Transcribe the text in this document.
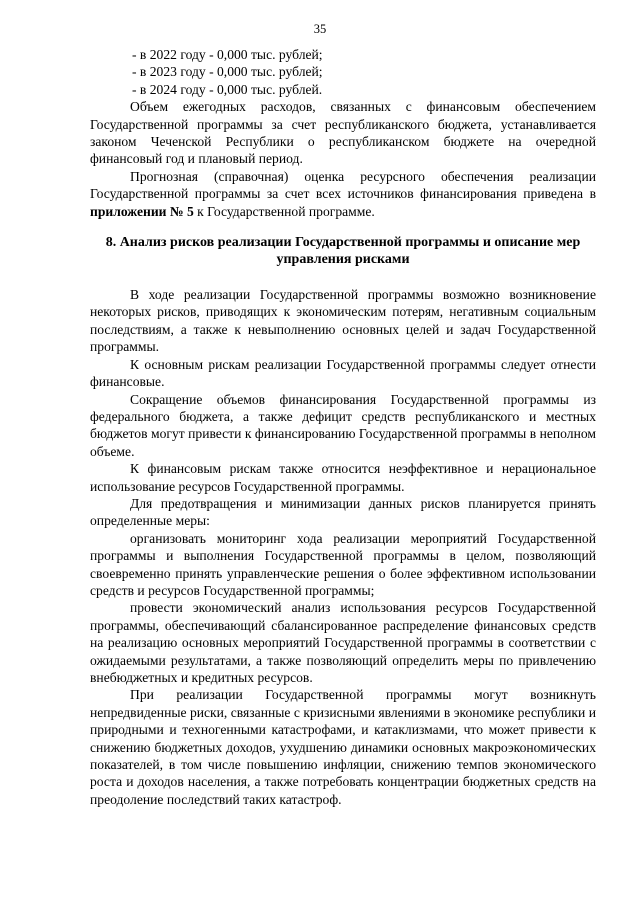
35

- в 2022 году - 0,000 тыс. рублей;

- в 2023 году - 0,000 тыс. рублей;

- в 2024 году - 0,000 тыс. рублей.

Объем ежегодных расходов, связанных с финансовым обеспечением Государственной программы за счет республиканского бюджета, устанавливается законом Чеченской Республики о республиканском бюджете на очередной финансовый год и плановый период.

Прогнозная (справочная) оценка ресурсного обеспечения реализации Государственной программы за счет всех источников финансирования приведена в приложении № 5 к Государственной программе.

8. Анализ рисков реализации Государственной программы и описание мер управления рисками

В ходе реализации Государственной программы возможно возникновение некоторых рисков, приводящих к экономическим потерям, негативным социальным последствиям, а также к невыполнению основных целей и задач Государственной программы.

К основным рискам реализации Государственной программы следует отнести финансовые.

Сокращение объемов финансирования Государственной программы из федерального бюджета, а также дефицит средств республиканского и местных бюджетов могут привести к финансированию Государственной программы в неполном объеме.

К финансовым рискам также относится неэффективное и нерациональное использование ресурсов Государственной программы.

Для предотвращения и минимизации данных рисков планируется принять определенные меры:

организовать мониторинг хода реализации мероприятий Государственной программы и выполнения Государственной программы в целом, позволяющий своевременно принять управленческие решения о более эффективном использовании средств и ресурсов Государственной программы;

провести экономический анализ использования ресурсов Государственной программы, обеспечивающий сбалансированное распределение финансовых средств на реализацию основных мероприятий Государственной программы в соответствии с ожидаемыми результатами, а также позволяющий определить меры по привлечению внебюджетных и кредитных ресурсов.

При реализации Государственной программы могут возникнуть непредвиденные риски, связанные с кризисными явлениями в экономике республики и природными и техногенными катастрофами, и катаклизмами, что может привести к снижению бюджетных доходов, ухудшению динамики основных макроэкономических показателей, в том числе повышению инфляции, снижению темпов экономического роста и доходов населения, а также потребовать концентрации бюджетных средств на преодоление последствий таких катастроф.
